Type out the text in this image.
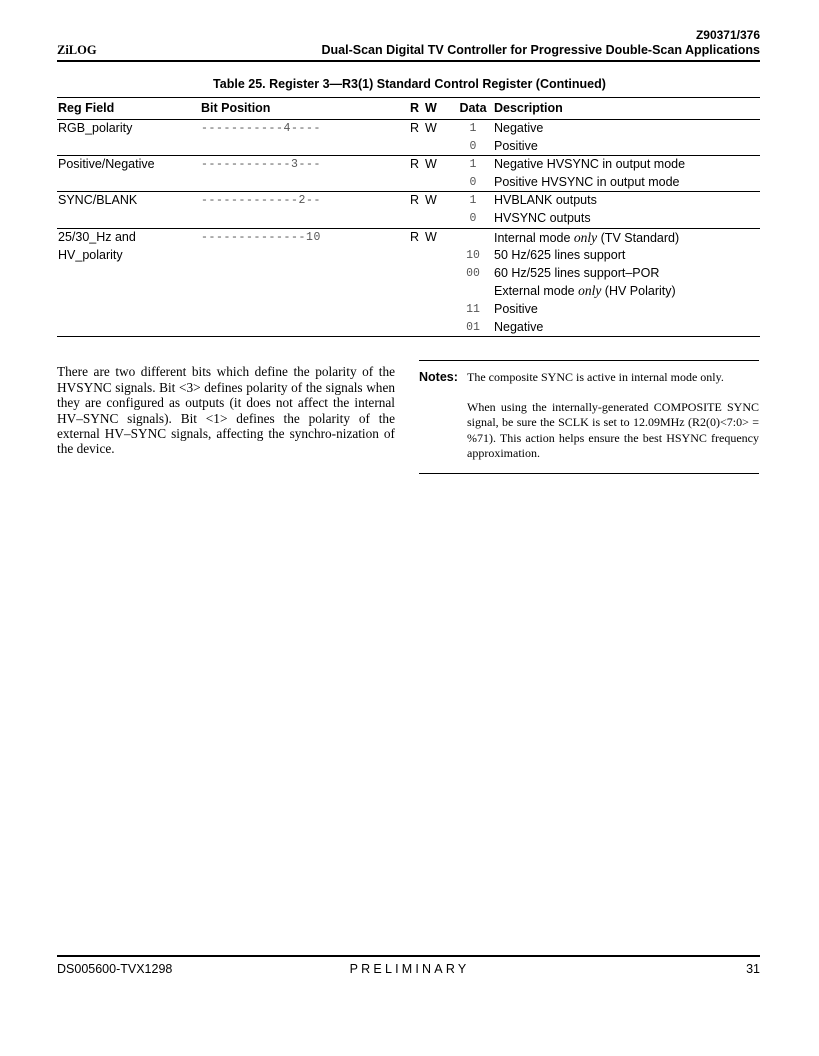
Z90371/376
ZiLOG	Dual-Scan Digital TV Controller for Progressive Double-Scan Applications
Table 25. Register 3—R3(1) Standard Control Register (Continued)
Reg Field	Bit Position	R W	Data	Description
RGB_polarity	-----------4----	R W	1	Negative
			0	Positive
Positive/Negative	------------3---	R W	1	Negative HVSYNC in output mode
			0	Positive HVSYNC in output mode
SYNC/BLANK	-------------2--	R W	1	HVBLANK outputs
			0	HVSYNC outputs
25/30_Hz and	--------------10	R W		Internal mode only (TV Standard)
HV_polarity			10	50 Hz/625 lines support
			00	60 Hz/525 lines support–POR
				External mode only (HV Polarity)
			11	Positive
			01	Negative

There are two different bits which define the polarity of the HVSYNC signals. Bit <3> defines polarity of the signals when they are configured as outputs (it does not affect the internal HV–SYNC signals). Bit <1> defines the polarity of the external HV–SYNC signals, affecting the synchro-nization of the device.

Notes: The composite SYNC is active in internal mode only.

When using the internally-generated COMPOSITE SYNC signal, be sure the SCLK is set to 12.09MHz (R2(0)<7:0> = %71). This action helps ensure the best HSYNC frequency approximation.

DS005600-TVX1298	PRELIMINARY	31
